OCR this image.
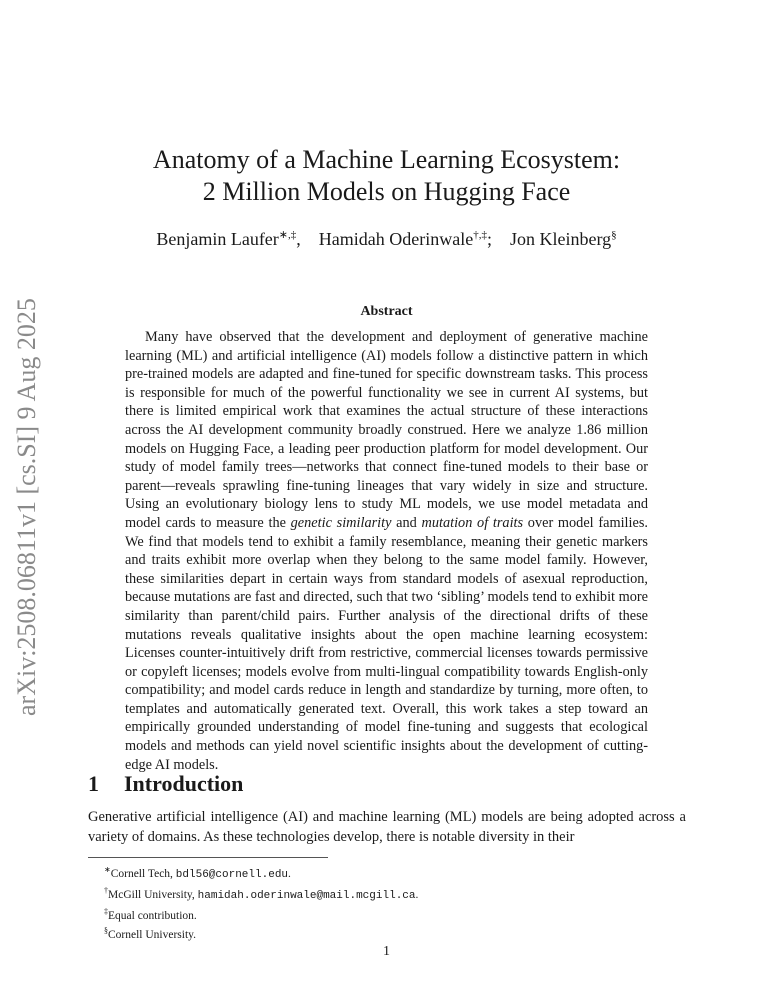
arXiv:2508.06811v1 [cs.SI] 9 Aug 2025
Anatomy of a Machine Learning Ecosystem:
2 Million Models on Hugging Face
Benjamin Laufer∗,‡, Hamidah Oderinwale†,‡; Jon Kleinberg§
Abstract

Many have observed that the development and deployment of generative machine learning (ML) and artificial intelligence (AI) models follow a distinctive pattern in which pre-trained models are adapted and fine-tuned for specific downstream tasks. This process is responsible for much of the powerful functionality we see in current AI systems, but there is limited empirical work that examines the actual structure of these interactions across the AI development community broadly construed. Here we analyze 1.86 million models on Hugging Face, a leading peer production platform for model development. Our study of model family trees—networks that connect fine-tuned models to their base or parent—reveals sprawling fine-tuning lineages that vary widely in size and structure. Using an evolutionary biology lens to study ML models, we use model metadata and model cards to measure the genetic similarity and mutation of traits over model families. We find that models tend to exhibit a family resemblance, meaning their genetic markers and traits exhibit more overlap when they belong to the same model family. However, these similarities depart in certain ways from standard models of asexual reproduction, because mutations are fast and directed, such that two ‘sibling’ models tend to exhibit more similarity than parent/child pairs. Further analysis of the directional drifts of these mutations reveals qualitative insights about the open machine learning ecosystem: Licenses counter-intuitively drift from restrictive, commercial licenses towards permissive or copyleft licenses; models evolve from multi-lingual compatibility towards English-only compatibility; and model cards reduce in length and standardize by turning, more often, to templates and automatically generated text. Overall, this work takes a step toward an empirically grounded understanding of model fine-tuning and suggests that ecological models and methods can yield novel scientific insights about the development of cutting-edge AI models.

1 Introduction

Generative artificial intelligence (AI) and machine learning (ML) models are being adopted across a variety of domains. As these technologies develop, there is notable diversity in their

∗Cornell Tech, bdl56@cornell.edu.
†McGill University, hamidah.oderinwale@mail.mcgill.ca.
‡Equal contribution.
§Cornell University.
1
